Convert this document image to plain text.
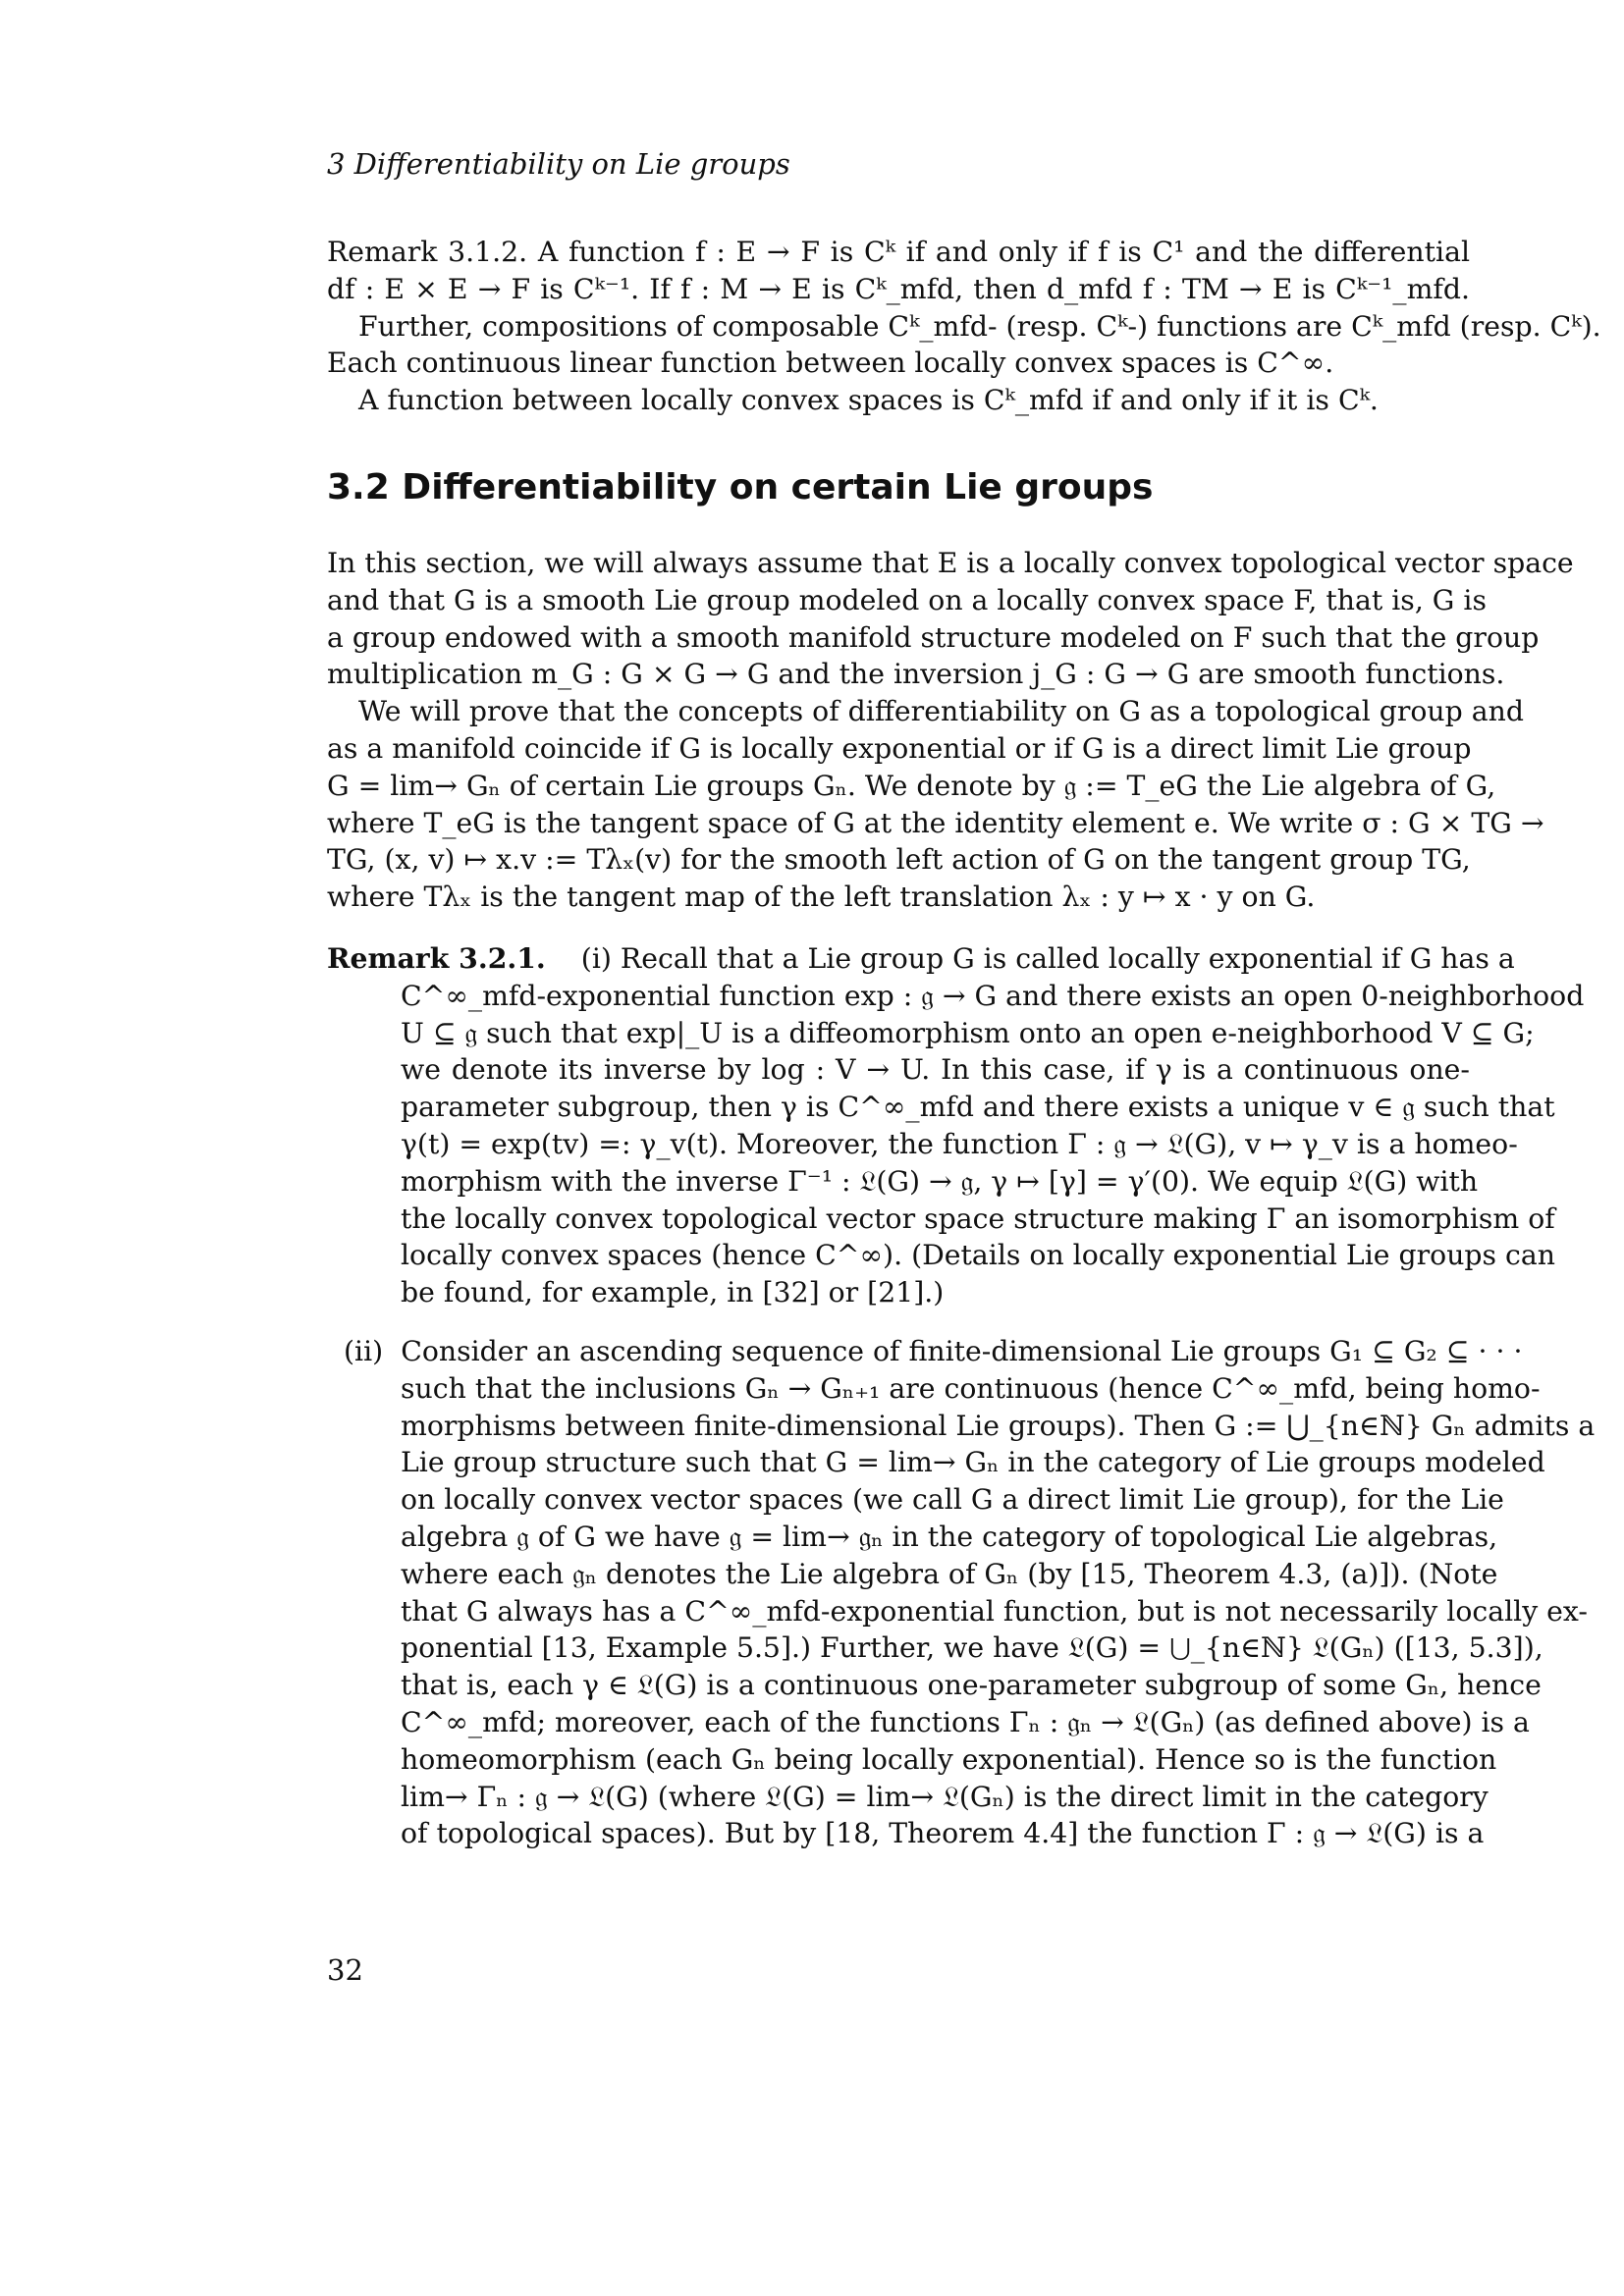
3 Differentiability on Lie groups
Remark 3.1.2. A function f : E → F is Cᵏ if and only if f is C¹ and the differential
df : E × E → F is Cᵏ⁻¹. If f : M → E is Cᵏ_mfd, then d_mfd f : TM → E is Cᵏ⁻¹_mfd.
Further, compositions of composable Cᵏ_mfd- (resp. Cᵏ-) functions are Cᵏ_mfd (resp. Cᵏ).
Each continuous linear function between locally convex spaces is C^∞.
A function between locally convex spaces is Cᵏ_mfd if and only if it is Cᵏ.
3.2 Differentiability on certain Lie groups
In this section, we will always assume that E is a locally convex topological vector space
and that G is a smooth Lie group modeled on a locally convex space F, that is, G is
a group endowed with a smooth manifold structure modeled on F such that the group
multiplication m_G : G × G → G and the inversion j_G : G → G are smooth functions.
We will prove that the concepts of differentiability on G as a topological group and
as a manifold coincide if G is locally exponential or if G is a direct limit Lie group
G = lim→ Gₙ of certain Lie groups Gₙ. We denote by 𝔤 := T_eG the Lie algebra of G,
where T_eG is the tangent space of G at the identity element e. We write σ : G × TG →
TG, (x, v) ↦ x.v := Tλₓ(v) for the smooth left action of G on the tangent group TG,
where Tλₓ is the tangent map of the left translation λₓ : y ↦ x · y on G.
Remark 3.2.1. (i) Recall that a Lie group G is called locally exponential if G has a
C^∞_mfd-exponential function exp : 𝔤 → G and there exists an open 0-neighborhood
U ⊆ 𝔤 such that exp|_U is a diffeomorphism onto an open e-neighborhood V ⊆ G;
we denote its inverse by log : V → U. In this case, if γ is a continuous one-
parameter subgroup, then γ is C^∞_mfd and there exists a unique v ∈ 𝔤 such that
γ(t) = exp(tv) =: γ_v(t). Moreover, the function Γ : 𝔤 → 𝔏(G), v ↦ γ_v is a homeo-
morphism with the inverse Γ⁻¹ : 𝔏(G) → 𝔤, γ ↦ [γ] = γ′(0). We equip 𝔏(G) with
the locally convex topological vector space structure making Γ an isomorphism of
locally convex spaces (hence C^∞). (Details on locally exponential Lie groups can
be found, for example, in [32] or [21].)
(ii) Consider an ascending sequence of finite-dimensional Lie groups G₁ ⊆ G₂ ⊆ · · ·
such that the inclusions Gₙ → Gₙ₊₁ are continuous (hence C^∞_mfd, being homo-
morphisms between finite-dimensional Lie groups). Then G := ⋃_{n∈ℕ} Gₙ admits a
Lie group structure such that G = lim→ Gₙ in the category of Lie groups modeled
on locally convex vector spaces (we call G a direct limit Lie group), for the Lie
algebra 𝔤 of G we have 𝔤 = lim→ 𝔤ₙ in the category of topological Lie algebras,
where each 𝔤ₙ denotes the Lie algebra of Gₙ (by [15, Theorem 4.3, (a)]). (Note
that G always has a C^∞_mfd-exponential function, but is not necessarily locally ex-
ponential [13, Example 5.5].) Further, we have 𝔏(G) = ⋃_{n∈ℕ} 𝔏(Gₙ) ([13, 5.3]),
that is, each γ ∈ 𝔏(G) is a continuous one-parameter subgroup of some Gₙ, hence
C^∞_mfd; moreover, each of the functions Γₙ : 𝔤ₙ → 𝔏(Gₙ) (as defined above) is a
homeomorphism (each Gₙ being locally exponential). Hence so is the function
lim→ Γₙ : 𝔤 → 𝔏(G) (where 𝔏(G) = lim→ 𝔏(Gₙ) is the direct limit in the category
of topological spaces). But by [18, Theorem 4.4] the function Γ : 𝔤 → 𝔏(G) is a
32
